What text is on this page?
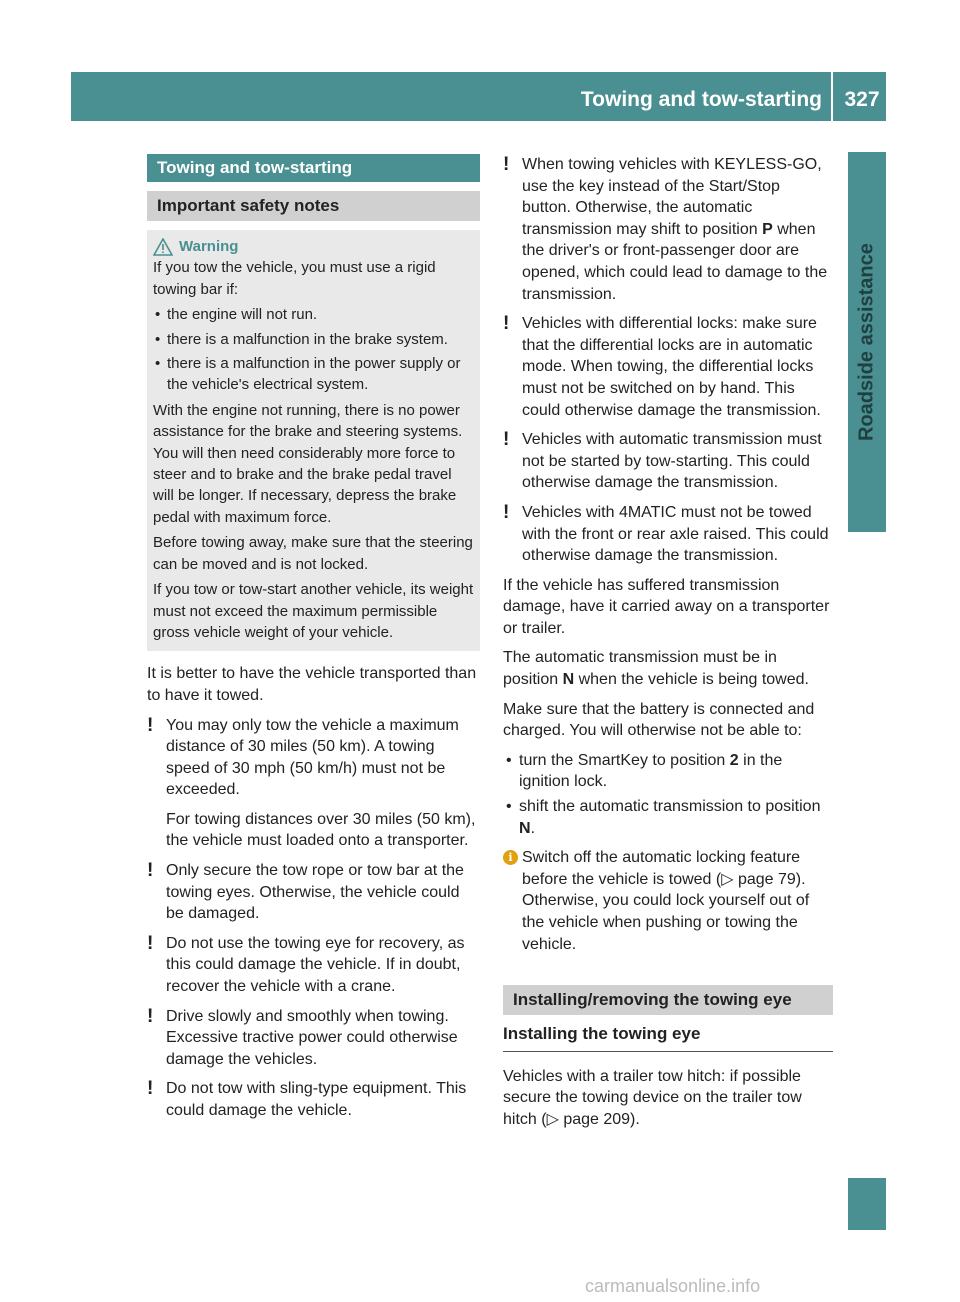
Towing and tow-starting	327
Roadside assistance
Towing and tow-starting
Important safety notes
Warning

If you tow the vehicle, you must use a rigid towing bar if:

• the engine will not run.
• there is a malfunction in the brake system.
• there is a malfunction in the power supply or the vehicle's electrical system.

With the engine not running, there is no power assistance for the brake and steering systems. You will then need considerably more force to steer and to brake and the brake pedal travel will be longer. If necessary, depress the brake pedal with maximum force.

Before towing away, make sure that the steering can be moved and is not locked.

If you tow or tow-start another vehicle, its weight must not exceed the maximum permissible gross vehicle weight of your vehicle.

It is better to have the vehicle transported than to have it towed.

! You may only tow the vehicle a maximum distance of 30 miles (50 km). A towing speed of 30 mph (50 km/h) must not be exceeded.

For towing distances over 30 miles (50 km), the vehicle must loaded onto a transporter.

! Only secure the tow rope or tow bar at the towing eyes. Otherwise, the vehicle could be damaged.

! Do not use the towing eye for recovery, as this could damage the vehicle. If in doubt, recover the vehicle with a crane.

! Drive slowly and smoothly when towing. Excessive tractive power could otherwise damage the vehicles.

! Do not tow with sling-type equipment. This could damage the vehicle.

! When towing vehicles with KEYLESS-GO, use the key instead of the Start/Stop button. Otherwise, the automatic transmission may shift to position P when the driver's or front-passenger door are opened, which could lead to damage to the transmission.

! Vehicles with differential locks: make sure that the differential locks are in automatic mode. When towing, the differential locks must not be switched on by hand. This could otherwise damage the transmission.

! Vehicles with automatic transmission must not be started by tow-starting. This could otherwise damage the transmission.

! Vehicles with 4MATIC must not be towed with the front or rear axle raised. This could otherwise damage the transmission.

If the vehicle has suffered transmission damage, have it carried away on a transporter or trailer.

The automatic transmission must be in position N when the vehicle is being towed.

Make sure that the battery is connected and charged. You will otherwise not be able to:

• turn the SmartKey to position 2 in the ignition lock.
• shift the automatic transmission to position N.
i Switch off the automatic locking feature before the vehicle is towed (▷ page 79). Otherwise, you could lock yourself out of the vehicle when pushing or towing the vehicle.
Installing/removing the towing eye
Installing the towing eye

Vehicles with a trailer tow hitch: if possible secure the towing device on the trailer tow hitch (▷ page 209).

carmanualsonline.info
